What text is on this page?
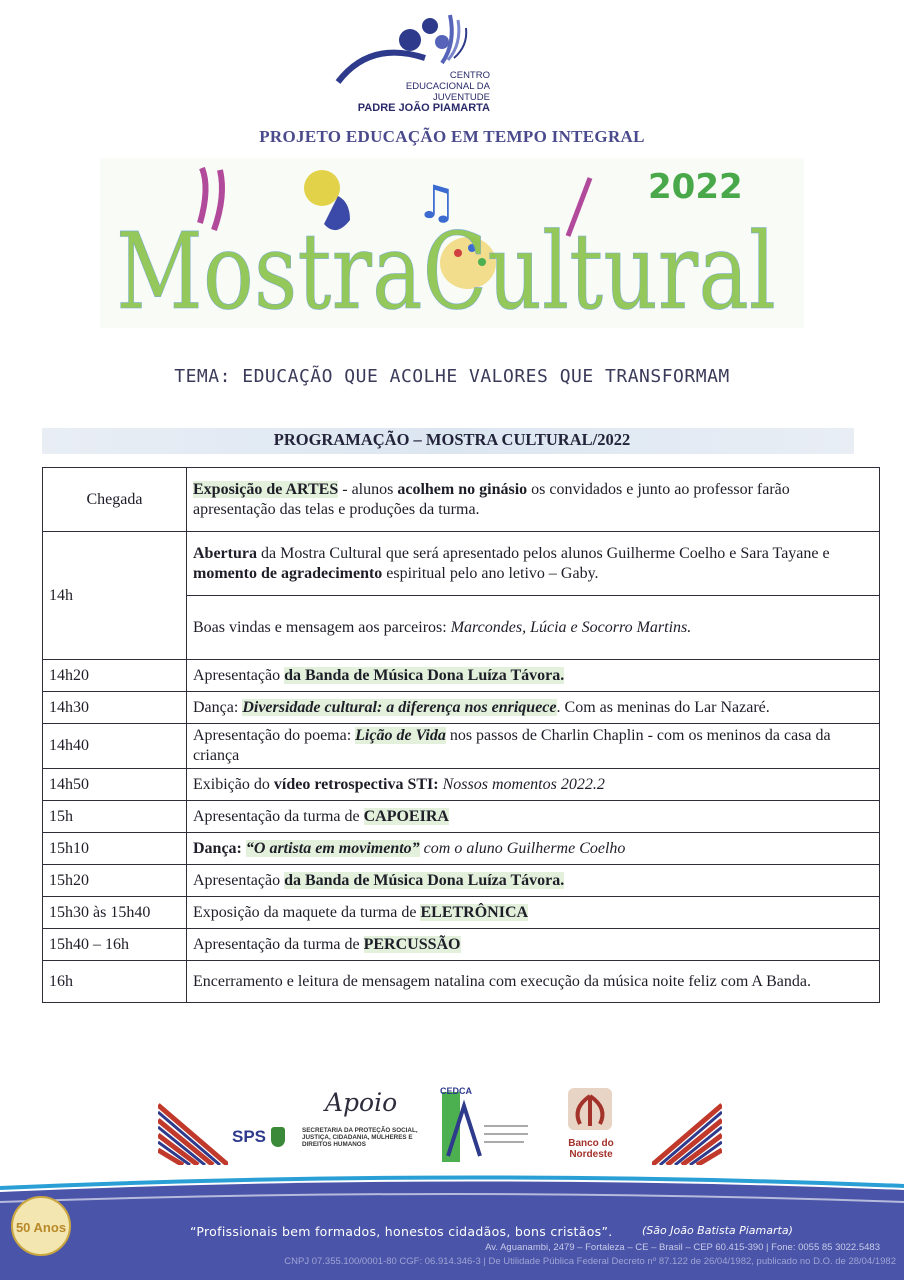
CENTRO
EDUCACIONAL DA JUVENTUDE
PADRE JOÃO PIAMARTA
PROJETO EDUCAÇÃO EM TEMPO INTEGRAL
♫	2022
MostraCultural
TEMA: EDUCAÇÃO QUE ACOLHE VALORES QUE TRANSFORMAM
PROGRAMAÇÃO – MOSTRA CULTURAL/2022
Chegada	Exposição de ARTES - alunos acolhem no ginásio os convidados e junto ao professor farão apresentação das telas e produções da turma.
14h	Abertura da Mostra Cultural que será apresentado pelos alunos Guilherme Coelho e Sara Tayane e momento de agradecimento espiritual pelo ano letivo – Gaby.
	Boas vindas e mensagem aos parceiros: Marcondes, Lúcia e Socorro Martins.
14h20	Apresentação da Banda de Música Dona Luíza Távora.
14h30	Dança: Diversidade cultural: a diferença nos enriquece. Com as meninas do Lar Nazaré.
14h40	Apresentação do poema: Lição de Vida nos passos de Charlin Chaplin - com os meninos da casa da criança
14h50	Exibição do vídeo retrospectiva STI: Nossos momentos 2022.2
15h	Apresentação da turma de CAPOEIRA
15h10	Dança: “O artista em movimento” com o aluno Guilherme Coelho
15h20	Apresentação da Banda de Música Dona Luíza Távora.
15h30 às 15h40	Exposição da maquete da turma de ELETRÔNICA
15h40 – 16h	Apresentação da turma de PERCUSSÃO
16h	Encerramento e leitura de mensagem natalina com execução da música noite feliz com A Banda.
Apoio
SPS	SECRETARIA DA PROTEÇÃO SOCIAL, JUSTIÇA, CIDADANIA, MULHERES E DIREITOS HUMANOS
CEDCA
Banco do Nordeste
50 Anos	“Profissionais bem formados, honestos cidadãos, bons cristãos”.	(São João Batista Piamarta)
Av. Aguanambi, 2479 – Fortaleza – CE – Brasil – CEP 60.415-390 | Fone: 0055 85 3022.5483
CNPJ 07.355.100/0001-80 CGF: 06.914.346-3 | De Utilidade Pública Federal Decreto nº 87.122 de 26/04/1982, publicado no D.O. de 28/04/1982
